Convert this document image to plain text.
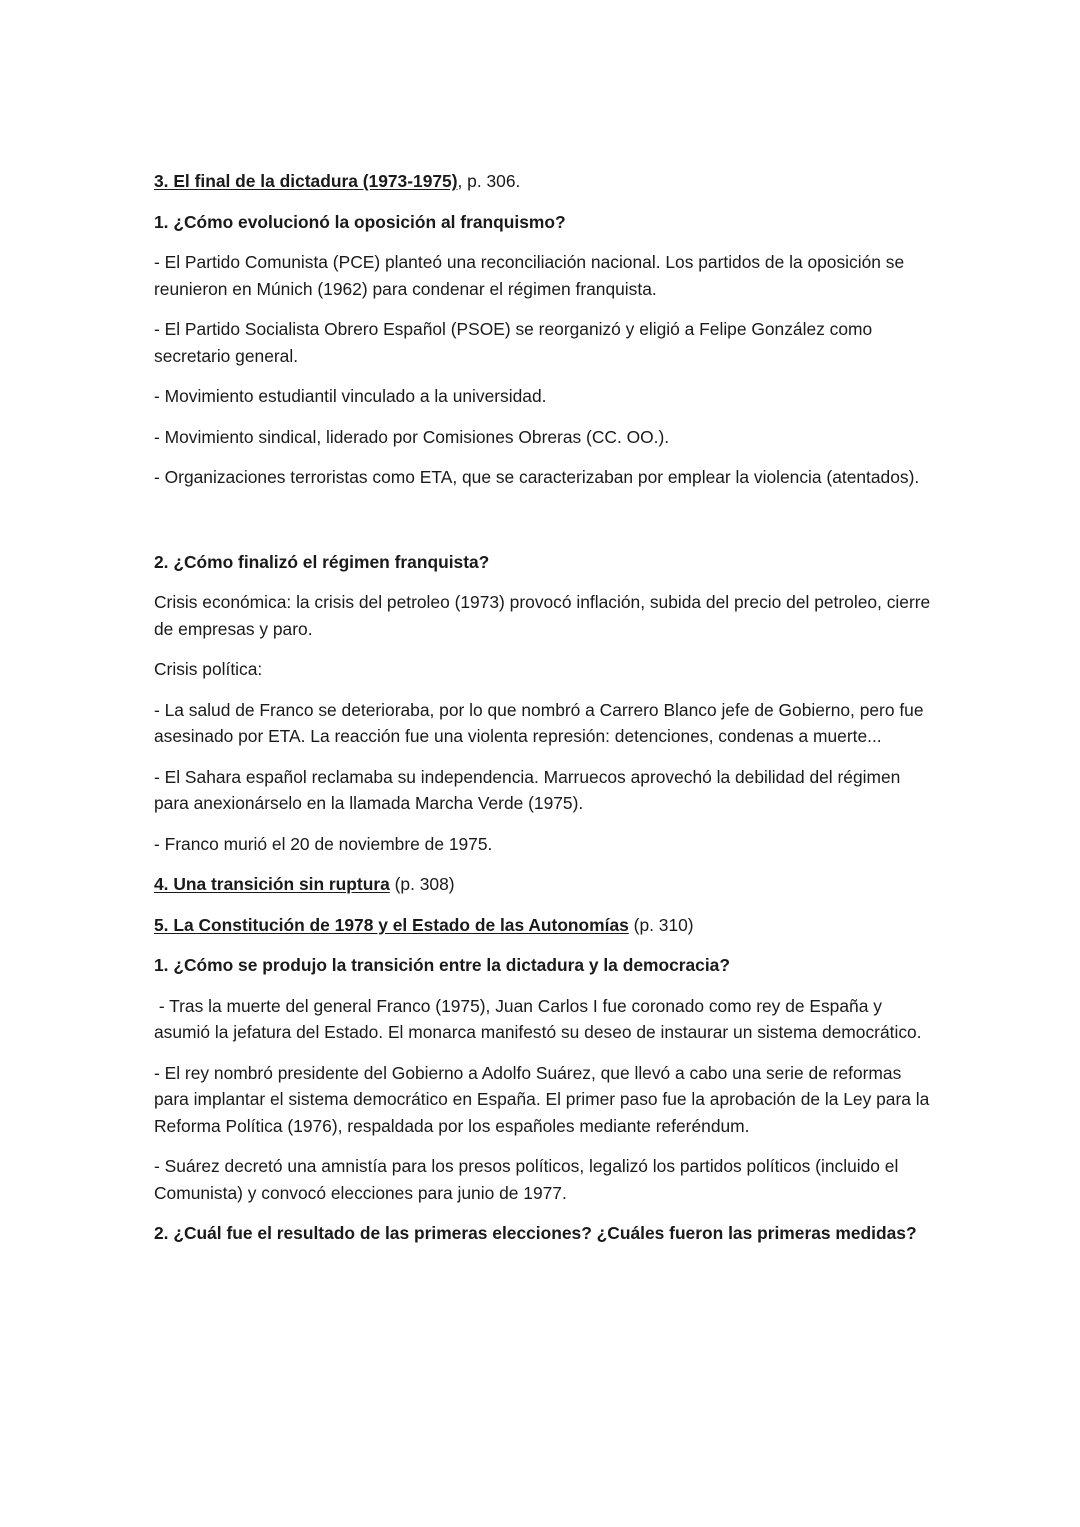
3. El final de la dictadura (1973-1975), p. 306.

1. ¿Cómo evolucionó la oposición al franquismo?

- El Partido Comunista (PCE) planteó una reconciliación nacional. Los partidos de la oposición se reunieron en Múnich (1962) para condenar el régimen franquista.

- El Partido Socialista Obrero Español (PSOE) se reorganizó y eligió a Felipe González como secretario general.

- Movimiento estudiantil vinculado a la universidad.

- Movimiento sindical, liderado por Comisiones Obreras (CC. OO.).

- Organizaciones terroristas como ETA, que se caracterizaban por emplear la violencia (atentados).

2. ¿Cómo finalizó el régimen franquista?

Crisis económica: la crisis del petroleo (1973) provocó inflación, subida del precio del petroleo, cierre de empresas y paro.

Crisis política:

- La salud de Franco se deterioraba, por lo que nombró a Carrero Blanco jefe de Gobierno, pero fue asesinado por ETA. La reacción fue una violenta represión: detenciones, condenas a muerte...

- El Sahara español reclamaba su independencia. Marruecos aprovechó la debilidad del régimen para anexionárselo en la llamada Marcha Verde (1975).

- Franco murió el 20 de noviembre de 1975.

4. Una transición sin ruptura (p. 308)

5. La Constitución de 1978 y el Estado de las Autonomías (p. 310)

1. ¿Cómo se produjo la transición entre la dictadura y la democracia?

- Tras la muerte del general Franco (1975), Juan Carlos I fue coronado como rey de España y asumió la jefatura del Estado. El monarca manifestó su deseo de instaurar un sistema democrático.

- El rey nombró presidente del Gobierno a Adolfo Suárez, que llevó a cabo una serie de reformas para implantar el sistema democrático en España. El primer paso fue la aprobación de la Ley para la Reforma Política (1976), respaldada por los españoles mediante referéndum.

- Suárez decretó una amnistía para los presos políticos, legalizó los partidos políticos (incluido el Comunista) y convocó elecciones para junio de 1977.

2. ¿Cuál fue el resultado de las primeras elecciones? ¿Cuáles fueron las primeras medidas?
